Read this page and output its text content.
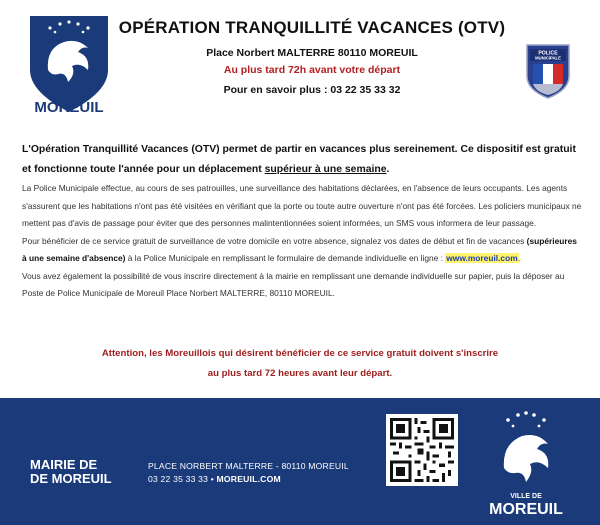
VILLE DE
MOREUIL
OPÉRATION TRANQUILLITÉ VACANCES (OTV)
Place Norbert MALTERRE 80110 MOREUIL
Au plus tard 72h avant votre départ
Pour en savoir plus : 03 22 35 33 32
POLICE
MUNICIPALE

L'Opération Tranquillité Vacances (OTV) permet de partir en vacances plus sereinement. Ce dispositif est gratuit et fonctionne toute l'année pour un déplacement supérieur à une semaine.

La Police Municipale effectue, au cours de ses patrouilles, une surveillance des habitations déclarées, en l'absence de leurs occupants. Les agents s'assurent que les habitations n'ont pas été visitées en vérifiant que la porte ou toute autre ouverture n'ont pas été forcées. Les policiers municipaux ne mettent pas d'avis de passage pour éviter que des personnes malintentionnées soient informées, un SMS vous informera de leur passage.

Pour bénéficier de ce service gratuit de surveillance de votre domicile en votre absence, signalez vos dates de début et fin de vacances (supérieures à une semaine d'absence) à la Police Municipale en remplissant le formulaire de demande individuelle en ligne : www.moreuil.com.

Vous avez également la possibilité de vous inscrire directement à la mairie en remplissant une demande individuelle sur papier, puis la déposer au Poste de Police Municipale de Moreuil Place Norbert MALTERRE, 80110 MOREUIL.

Attention, les Moreuillois qui désirent bénéficier de ce service gratuit doivent s'inscrire
au plus tard 72 heures avant leur départ.
MAIRIE DE
DE MOREUIL
PLACE NORBERT MALTERRE - 80110 MOREUIL
03 22 35 33 33 • MOREUIL.COM
VILLE DE
MOREUIL
